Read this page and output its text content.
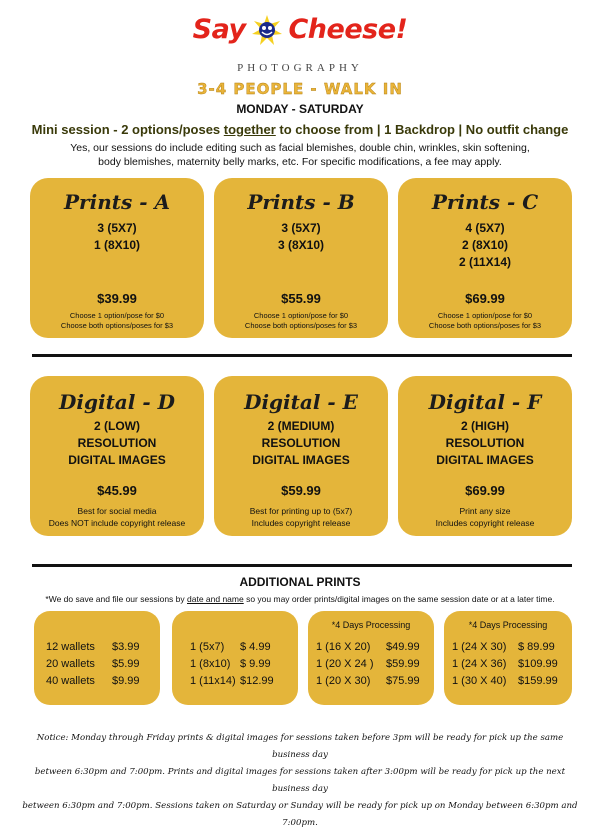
Say Cheese!
PHOTOGRAPHY
3-4 PEOPLE - WALK IN
MONDAY - SATURDAY
Mini session - 2 options/poses together to choose from | 1 Backdrop | No outfit change
Yes, our sessions do include editing such as facial blemishes, double chin, wrinkles, skin softening,
body blemishes, maternity belly marks, etc. For specific modifications, a fee may apply.
Prints - A
3 (5X7)
1 (8X10)
$39.99
Choose 1 option/pose for $0
Choose both options/poses for $3
Prints - B
3 (5X7)
3 (8X10)
$55.99
Choose 1 option/pose for $0
Choose both options/poses for $3
Prints - C
4 (5X7)
2 (8X10)
2 (11X14)
$69.99
Choose 1 option/pose for $0
Choose both options/poses for $3
Digital - D
2 (LOW)
RESOLUTION
DIGITAL IMAGES
$45.99
Best for social media
Does NOT include copyright release
Digital - E
2 (MEDIUM)
RESOLUTION
DIGITAL IMAGES
$59.99
Best for printing up to (5x7)
Includes copyright release
Digital - F
2 (HIGH)
RESOLUTION
DIGITAL IMAGES
$69.99
Print any size
Includes copyright release
ADDITIONAL PRINTS
*We do save and file our sessions by date and name so you may order prints/digital images on the same session date or at a later time.
12 wallets	$3.99
20 wallets	$5.99
40 wallets	$9.99
1 (5x7)	$ 4.99
1 (8x10)	$ 9.99
1 (11x14)	$12.99
*4 Days Processing
1 (16 X 20)	$49.99
1 (20 X 24 )	$59.99
1 (20 X 30)	$75.99
*4 Days Processing
1 (24 X 30)	$ 89.99
1 (24 X 36)	$109.99
1 (30 X 40)	$159.99
Notice: Monday through Friday prints & digital images for sessions taken before 3pm will be ready for pick up the same business day
between 6:30pm and 7:00pm. Prints and digital images for sessions taken after 3:00pm will be ready for pick up the next business day
between 6:30pm and 7:00pm. Sessions taken on Saturday or Sunday will be ready for pick up on Monday between 6:30pm and 7:00pm.
